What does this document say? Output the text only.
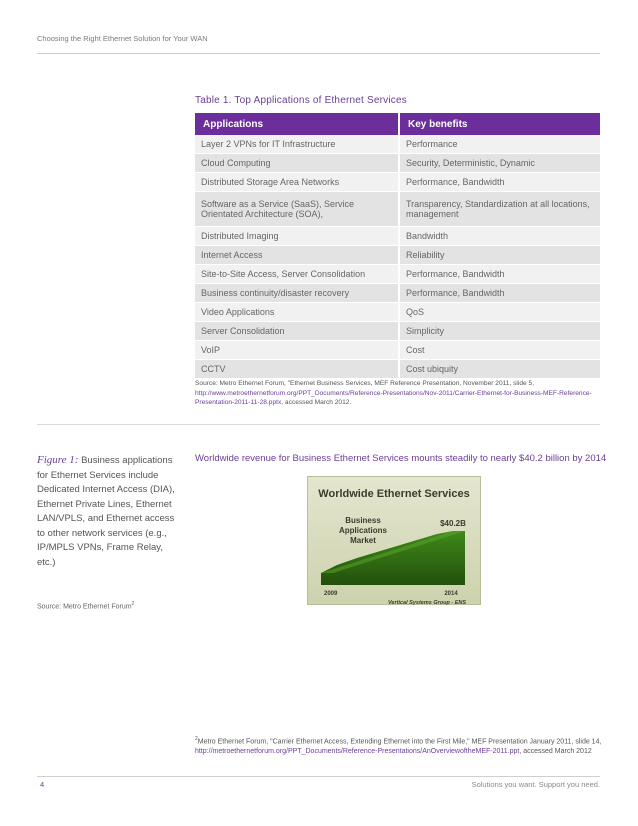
Choosing the Right Ethernet Solution for Your WAN
Table 1. Top Applications of Ethernet Services
Applications	Key benefits
Layer 2 VPNs for IT Infrastructure	Performance
Cloud Computing	Security, Deterministic, Dynamic
Distributed Storage Area Networks	Performance, Bandwidth
Software as a Service (SaaS), Service Orientated Architecture (SOA),	Transparency, Standardization at all locations, management
Distributed Imaging	Bandwidth
Internet Access	Reliability
Site-to-Site Access, Server Consolidation	Performance, Bandwidth
Business continuity/disaster recovery	Performance, Bandwidth
Video Applications	QoS
Server Consolidation	Simplicity
VoIP	Cost
CCTV	Cost ubiquity
Source: Metro Ethernet Forum, "Ethernet Business Services, MEF Reference Presentation, November 2011, slide 5, http://www.metroethernetforum.org/PPT_Documents/Reference-Presentations/Nov-2011/Carrier-Ethernet-for-Business-MEF-Reference-Presentation-2011-11-28.pptx, accessed March 2012.
Figure 1: Business applications for Ethernet Services include Dedicated Internet Access (DIA), Ethernet Private Lines, Ethernet LAN/VPLS, and Ethernet access to other network services (e.g., IP/MPLS VPNs, Frame Relay, etc.)
Source: Metro Ethernet Forum$^2$
Worldwide revenue for Business Ethernet Services mounts steadily to nearly $40.2 billion by 2014
Worldwide Ethernet Services
Business
Applications
Market
$40.2B
2009	2014
Vertical Systems Group - ENS
$^2$Metro Ethernet Forum, "Carrier Ethernet Access, Extending Ethernet into the First Mile," MEF Presentation January 2011, slide 14, http://metroethernetforum.org/PPT_Documents/Reference-Presentations/AnOverviewoftheMEF-2011.ppt, accessed March 2012
4	Solutions you want. Support you need.
